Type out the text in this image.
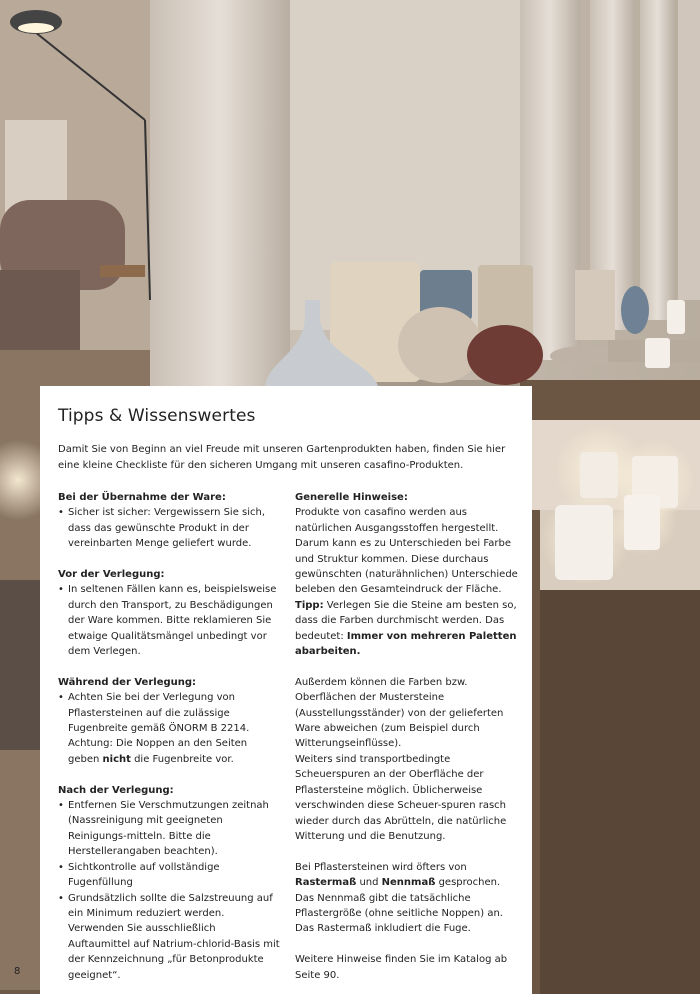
Tipps & Wissenswertes
Damit Sie von Beginn an viel Freude mit unseren Gartenprodukten haben, finden Sie hier eine kleine Checkliste für den sicheren Umgang mit unseren casafino-Produkten.
Bei der Übernahme der Ware:
• Sicher ist sicher: Vergewissern Sie sich, dass das gewünschte Produkt in der vereinbarten Menge geliefert wurde.
Vor der Verlegung:
• In seltenen Fällen kann es, beispielsweise durch den Transport, zu Beschädigungen der Ware kommen. Bitte reklamieren Sie etwaige Qualitätsmängel unbedingt vor dem Verlegen.
Während der Verlegung:
• Achten Sie bei der Verlegung von Pflastersteinen auf die zulässige Fugenbreite gemäß ÖNORM B 2214.
Achtung: Die Noppen an den Seiten geben nicht die Fugenbreite vor.
Nach der Verlegung:
• Entfernen Sie Verschmutzungen zeitnah (Nassreinigung mit geeigneten Reinigungs-mitteln. Bitte die Herstellerangaben beachten).
• Sichtkontrolle auf vollständige Fugenfüllung
• Grundsätzlich sollte die Salzstreuung auf ein Minimum reduziert werden. Verwenden Sie ausschließlich Auftaumittel auf Natrium-chlorid-Basis mit der Kennzeichnung „für Betonprodukte geeignet“.
Generelle Hinweise:
Produkte von casafino werden aus natürlichen Ausgangsstoffen hergestellt. Darum kann es zu Unterschieden bei Farbe und Struktur kommen. Diese durchaus gewünschten (naturähnlichen) Unterschiede beleben den Gesamteindruck der Fläche.
Tipp: Verlegen Sie die Steine am besten so, dass die Farben durchmischt werden. Das bedeutet: Immer von mehreren Paletten abarbeiten.
Außerdem können die Farben bzw. Oberflächen der Mustersteine (Ausstellungsständer) von der gelieferten Ware abweichen (zum Beispiel durch Witterungseinflüsse).
Weiters sind transportbedingte Scheuerspuren an der Oberfläche der Pflastersteine möglich. Üblicherweise verschwinden diese Scheuer-spuren rasch wieder durch das Abrütteln, die natürliche Witterung und die Benutzung.
Bei Pflastersteinen wird öfters von Rastermaß und Nennmaß gesprochen. Das Nennmaß gibt die tatsächliche Pflastergröße (ohne seitliche Noppen) an.
Das Rastermaß inkludiert die Fuge.
Weitere Hinweise finden Sie im Katalog ab Seite 90.
8
